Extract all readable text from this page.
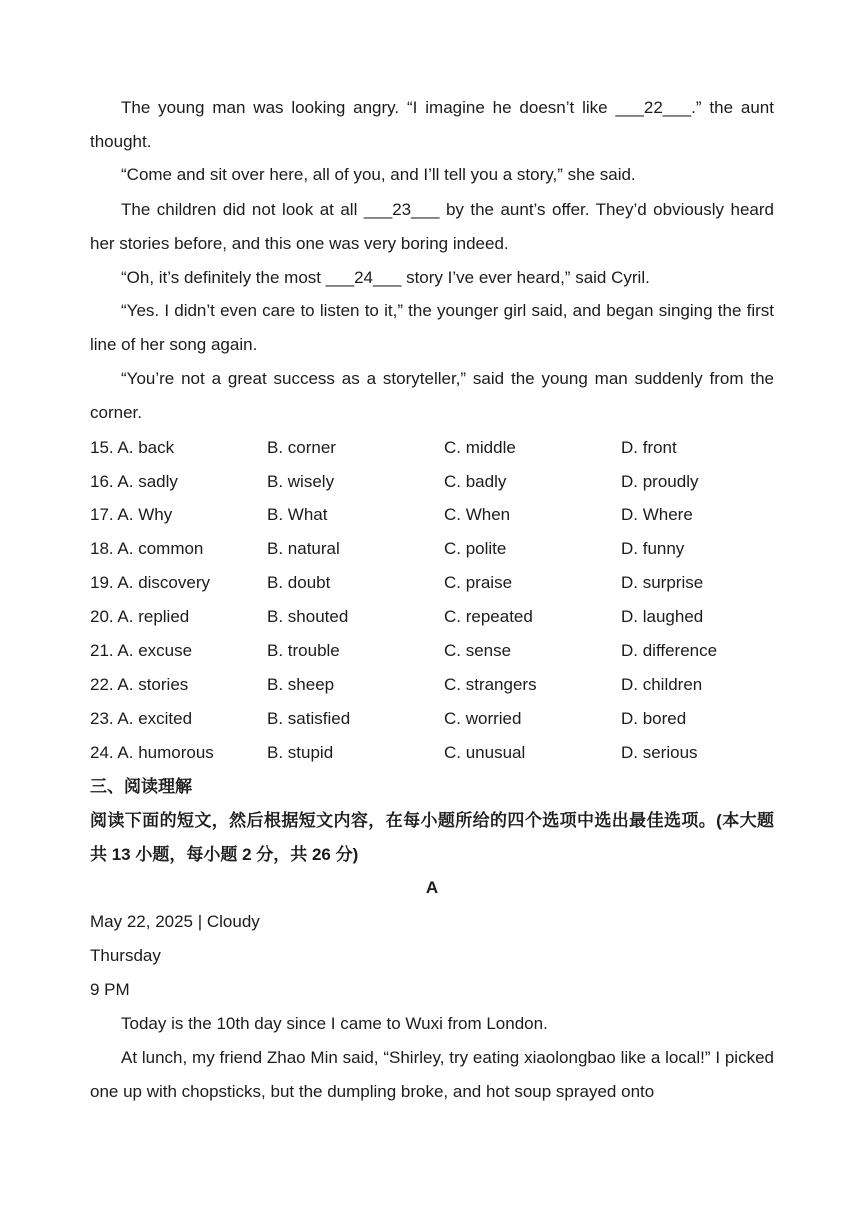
The young man was looking angry. “I imagine he doesn’t like ___22___.” the aunt thought.
“Come and sit over here, all of you, and I’ll tell you a story,” she said.
The children did not look at all ___23___ by the aunt’s offer. They’d obviously heard her stories before, and this one was very boring indeed.
“Oh, it’s definitely the most ___24___ story I’ve ever heard,” said Cyril.
“Yes. I didn’t even care to listen to it,” the younger girl said, and began singing the first line of her song again.
“You’re not a great success as a storyteller,” said the young man suddenly from the corner.
15. A. back	B. corner	C. middle	D. front
16. A. sadly	B. wisely	C. badly	D. proudly
17. A. Why	B. What	C. When	D. Where
18. A. common	B. natural	C. polite	D. funny
19. A. discovery	B. doubt	C. praise	D. surprise
20. A. replied	B. shouted	C. repeated	D. laughed
21. A. excuse	B. trouble	C. sense	D. difference
22. A. stories	B. sheep	C. strangers	D. children
23. A. excited	B. satisfied	C. worried	D. bored
24. A. humorous	B. stupid	C. unusual	D. serious
三、阅读理解
阅读下面的短文，然后根据短文内容，在每小题所给的四个选项中选出最佳选项。(本大题共 13 小题，每小题 2 分，共 26 分)
A
May 22, 2025 | Cloudy
Thursday
9 PM
Today is the 10th day since I came to Wuxi from London.
At lunch, my friend Zhao Min said, “Shirley, try eating xiaolongbao like a local!” I picked one up with chopsticks, but the dumpling broke, and hot soup sprayed onto
